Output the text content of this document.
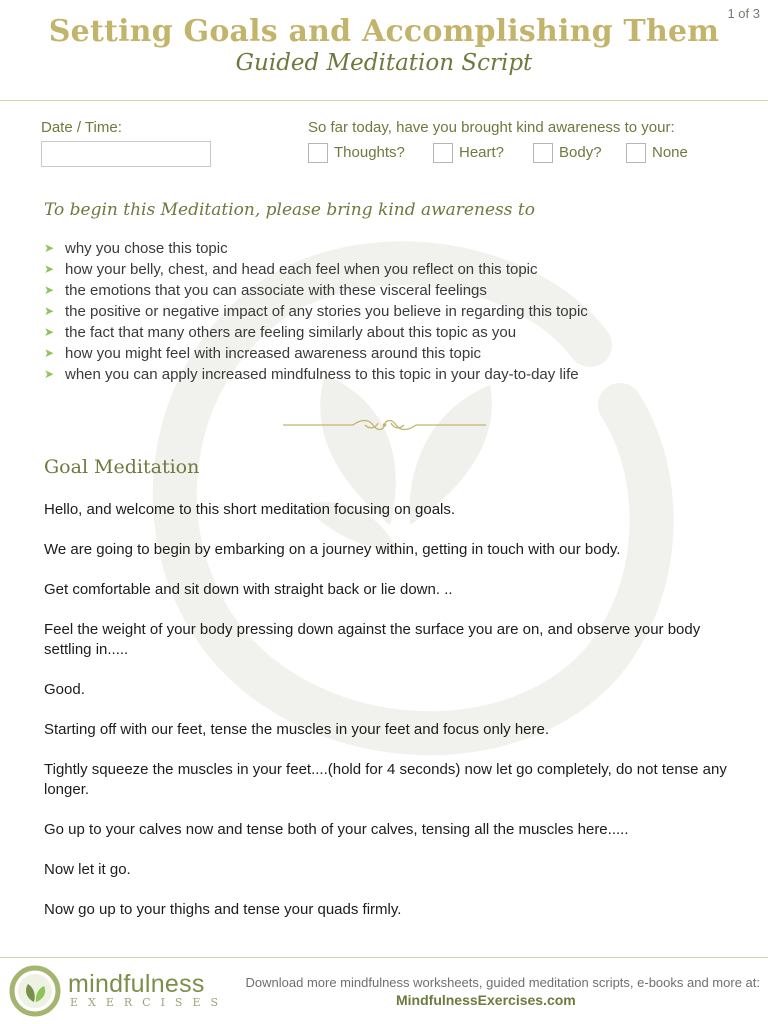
1 of 3
Setting Goals and Accomplishing Them
Guided Meditation Script
Date / Time:	So far today, have you brought kind awareness to your:
Thoughts?	Heart?	Body?	None
To begin this Meditation, please bring kind awareness to
➤ why you chose this topic
➤ how your belly, chest, and head each feel when you reflect on this topic
➤ the emotions that you can associate with these visceral feelings
➤ the positive or negative impact of any stories you believe in regarding this topic
➤ the fact that many others are feeling similarly about this topic as you
➤ how you might feel with increased awareness around this topic
➤ when you can apply increased mindfulness to this topic in your day-to-day life
Goal Meditation

Hello, and welcome to this short meditation focusing on goals.

We are going to begin by embarking on a journey within, getting in touch with our body.

Get comfortable and sit down with straight back or lie down. ..

Feel the weight of your body pressing down against the surface you are on, and observe your body settling in.....

Good.

Starting off with our feet, tense the muscles in your feet and focus only here.

Tightly squeeze the muscles in your feet....(hold for 4 seconds) now let go completely, do not tense any longer.

Go up to your calves now and tense both of your calves, tensing all the muscles here.....

Now let it go.

Now go up to your thighs and tense your quads firmly.

mindfulness
EXERCISES
Download more mindfulness worksheets, guided meditation scripts, e-books and more at:
MindfulnessExercises.com
